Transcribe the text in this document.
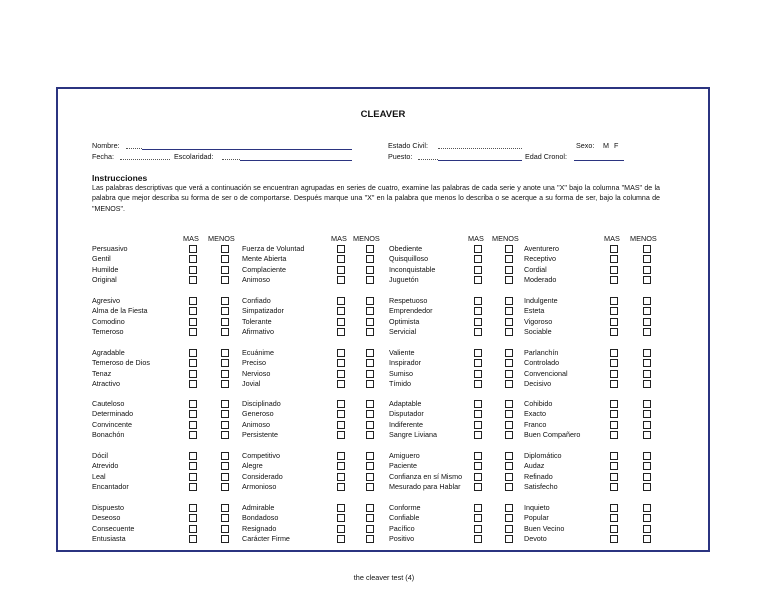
CLEAVER
Nombre:
Fecha:	Escolaridad:
Estado Civil:
Puesto:
Sexo: M F
Edad Cronol:
Instrucciones
Las palabras descriptivas que verá a continuación se encuentran agrupadas en series de cuatro, examine las palabras de cada serie y anote una "X" bajo la columna "MAS" de la palabra que mejor describa su forma de ser o de comportarse. Después marque una "X" en la palabra que menos lo describa o se acerque a su forma de ser, bajo la columna de "MENOS".
MAS MENOS
Persuasivo
Gentil
Humilde
Original
Agresivo
Alma de la Fiesta
Comodino
Temeroso
Agradable
Temeroso de Dios
Tenaz
Atractivo
Cauteloso
Determinado
Convincente
Bonachón
Dócil
Atrevido
Leal
Encantador
Dispuesto
Deseoso
Consecuente
Entusiasta
MAS MENOS
Fuerza de Voluntad
Mente Abierta
Complaciente
Animoso
Confiado
Simpatizador
Tolerante
Afirmativo
Ecuánime
Preciso
Nervioso
Jovial
Disciplinado
Generoso
Animoso
Persistente
Competitivo
Alegre
Considerado
Armonioso
Admirable
Bondadoso
Resignado
Carácter Firme
MAS MENOS
Obediente
Quisquilloso
Inconquistable
Juguetón
Respetuoso
Emprendedor
Optimista
Servicial
Valiente
Inspirador
Sumiso
Tímido
Adaptable
Disputador
Indiferente
Sangre Liviana
Amiguero
Paciente
Confianza en sí Mismo
Mesurado para Hablar
Conforme
Confiable
Pacífico
Positivo
MAS MENOS
Aventurero
Receptivo
Cordial
Moderado
Indulgente
Esteta
Vigoroso
Sociable
Parlanchín
Controlado
Convencional
Decisivo
Cohibido
Exacto
Franco
Buen Compañero
Diplomático
Audaz
Refinado
Satisfecho
Inquieto
Popular
Buen Vecino
Devoto
the cleaver test (4)
